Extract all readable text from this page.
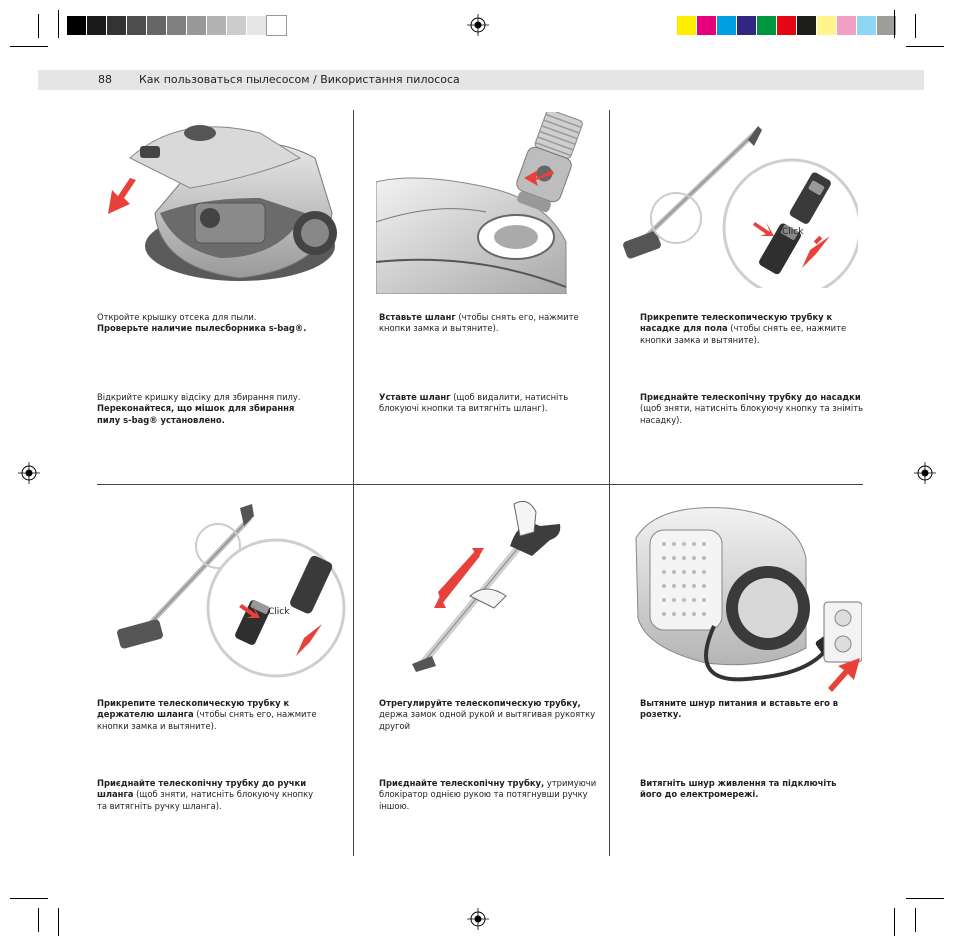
88 Как пользоваться пылесосом / Використання пилососа
Click
Click
Откройте крышку отсека для пыли.
Проверьте наличие пылесборника s-bag®.
Відкрийте кришку відсіку для збирання пилу.
Переконайтеся, що мішок для збирання пилу s-bag® установлено.
Вставьте шланг (чтобы снять его, нажмите кнопки замка и вытяните).
Уставте шланг (щоб видалити, натисніть блокуючі кнопки та витягніть шланг).
Прикрепите телескопическую трубку к насадке для пола (чтобы снять ее, нажмите кнопки замка и вытяните).
Приєднайте телескопічну трубку до насадки (щоб зняти, натисніть блокуючу кнопку та зніміть насадку).
Прикрепите телескопическую трубку к держателю шланга (чтобы снять его, нажмите кнопки замка и вытяните).
Приєднайте телескопічну трубку до ручки шланга (щоб зняти, натисніть блокуючу кнопку та витягніть ручку шланга).
Отрегулируйте телескопическую трубку, держа замок одной рукой и вытягивая рукоятку другой
Приєднайте телескопічну трубку, утримуючи блокіратор однією рукою та потягнувши ручку іншою.
Вытяните шнур питания и вставьте его в розетку.
Витягніть шнур живлення та підключіть його до електромережі.
